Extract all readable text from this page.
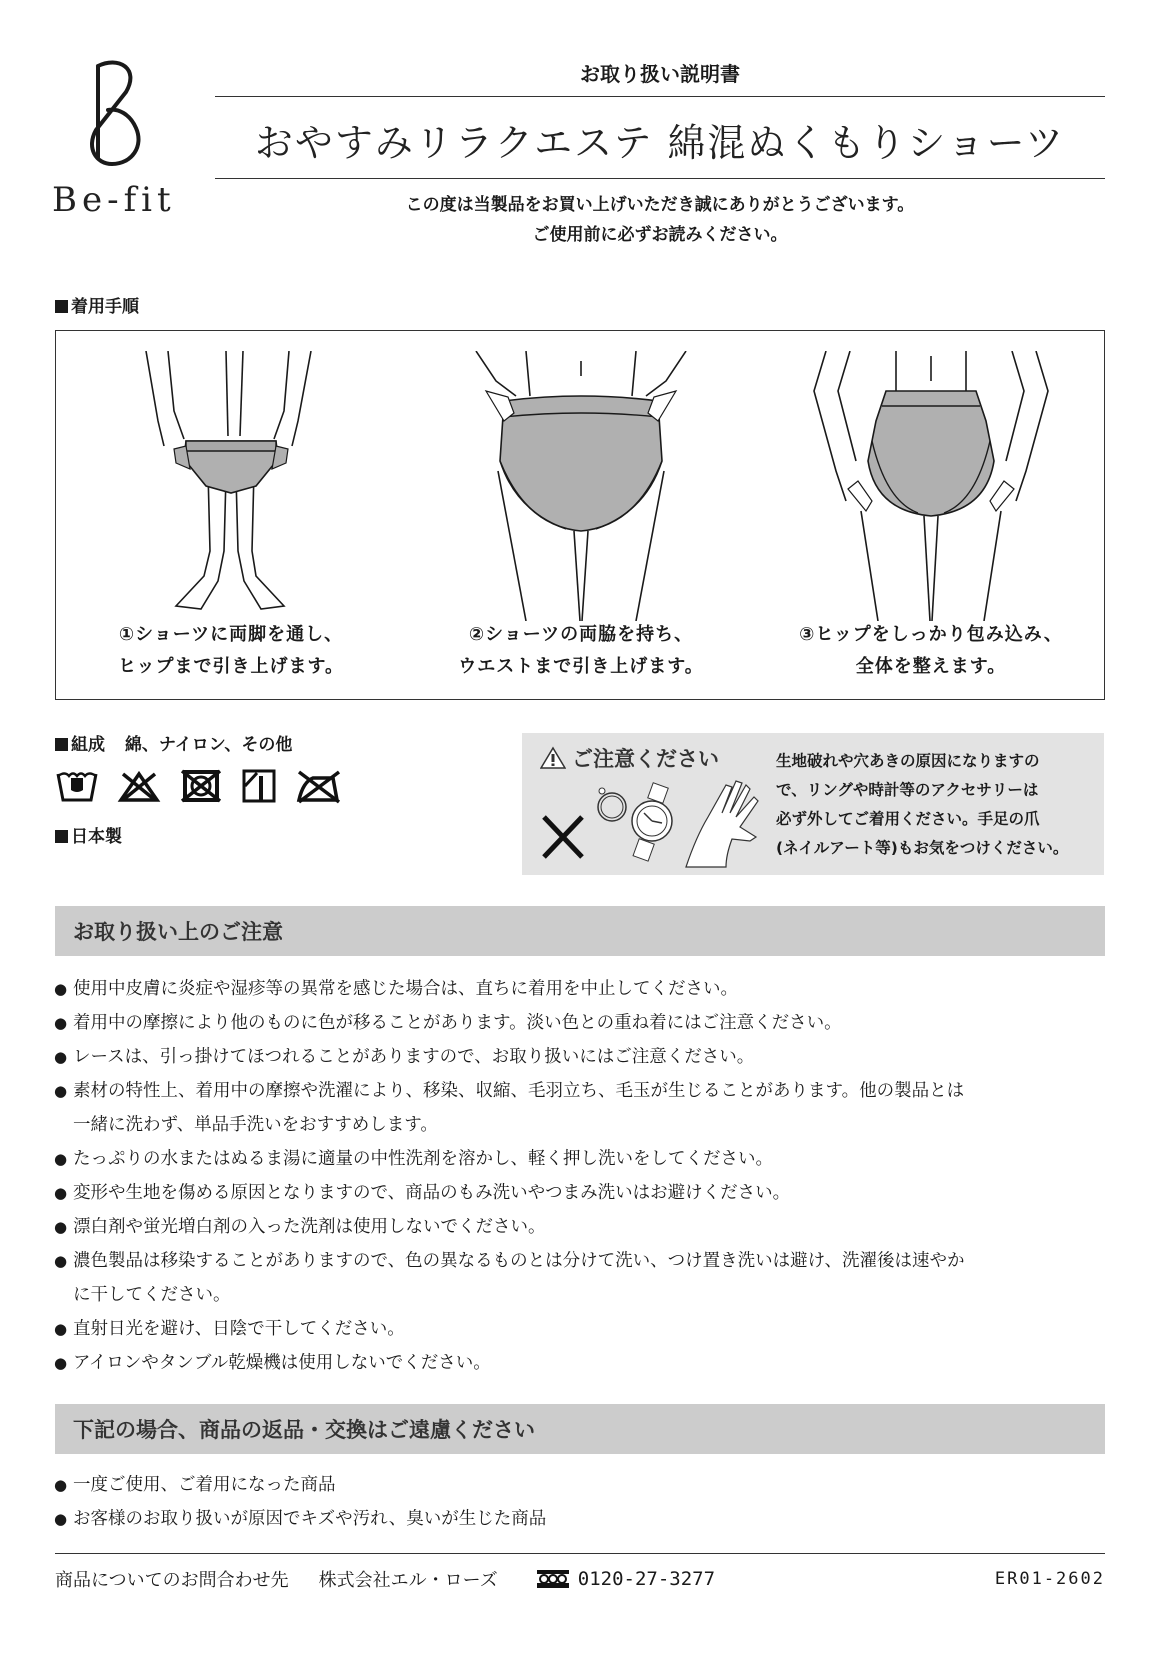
Be-fit
お取り扱い説明書
おやすみリラクエステ 綿混ぬくもりショーツ
この度は当製品をお買い上げいただき誠にありがとうございます。
ご使用前に必ずお読みください。
着用手順
①ショーツに両脚を通し、
ヒップまで引き上げます。
②ショーツの両脇を持ち、
ウエストまで引き上げます。
③ヒップをしっかり包み込み、
全体を整えます。
組成 綿、ナイロン、その他
日本製
ご注意ください	生地破れや穴あきの原因になりますの
で、リングや時計等のアクセサリーは
必ず外してご着用ください。手足の爪
(ネイルアート等)もお気をつけください。
お取り扱い上のご注意
● 使用中皮膚に炎症や湿疹等の異常を感じた場合は、直ちに着用を中止してください。
● 着用中の摩擦により他のものに色が移ることがあります。淡い色との重ね着にはご注意ください。
● レースは、引っ掛けてほつれることがありますので、お取り扱いにはご注意ください。
● 素材の特性上、着用中の摩擦や洗濯により、移染、収縮、毛羽立ち、毛玉が生じることがあります。他の製品とは
一緒に洗わず、単品手洗いをおすすめします。
● たっぷりの水またはぬるま湯に適量の中性洗剤を溶かし、軽く押し洗いをしてください。
● 変形や生地を傷める原因となりますので、商品のもみ洗いやつまみ洗いはお避けください。
● 漂白剤や蛍光増白剤の入った洗剤は使用しないでください。
● 濃色製品は移染することがありますので、色の異なるものとは分けて洗い、つけ置き洗いは避け、洗濯後は速やか
に干してください。
● 直射日光を避け、日陰で干してください。
● アイロンやタンブル乾燥機は使用しないでください。
下記の場合、商品の返品・交換はご遠慮ください
● 一度ご使用、ご着用になった商品
● お客様のお取り扱いが原因でキズや汚れ、臭いが生じた商品
商品についてのお問合わせ先 株式会社エル・ローズ	0120-27-3277	ER01-2602
